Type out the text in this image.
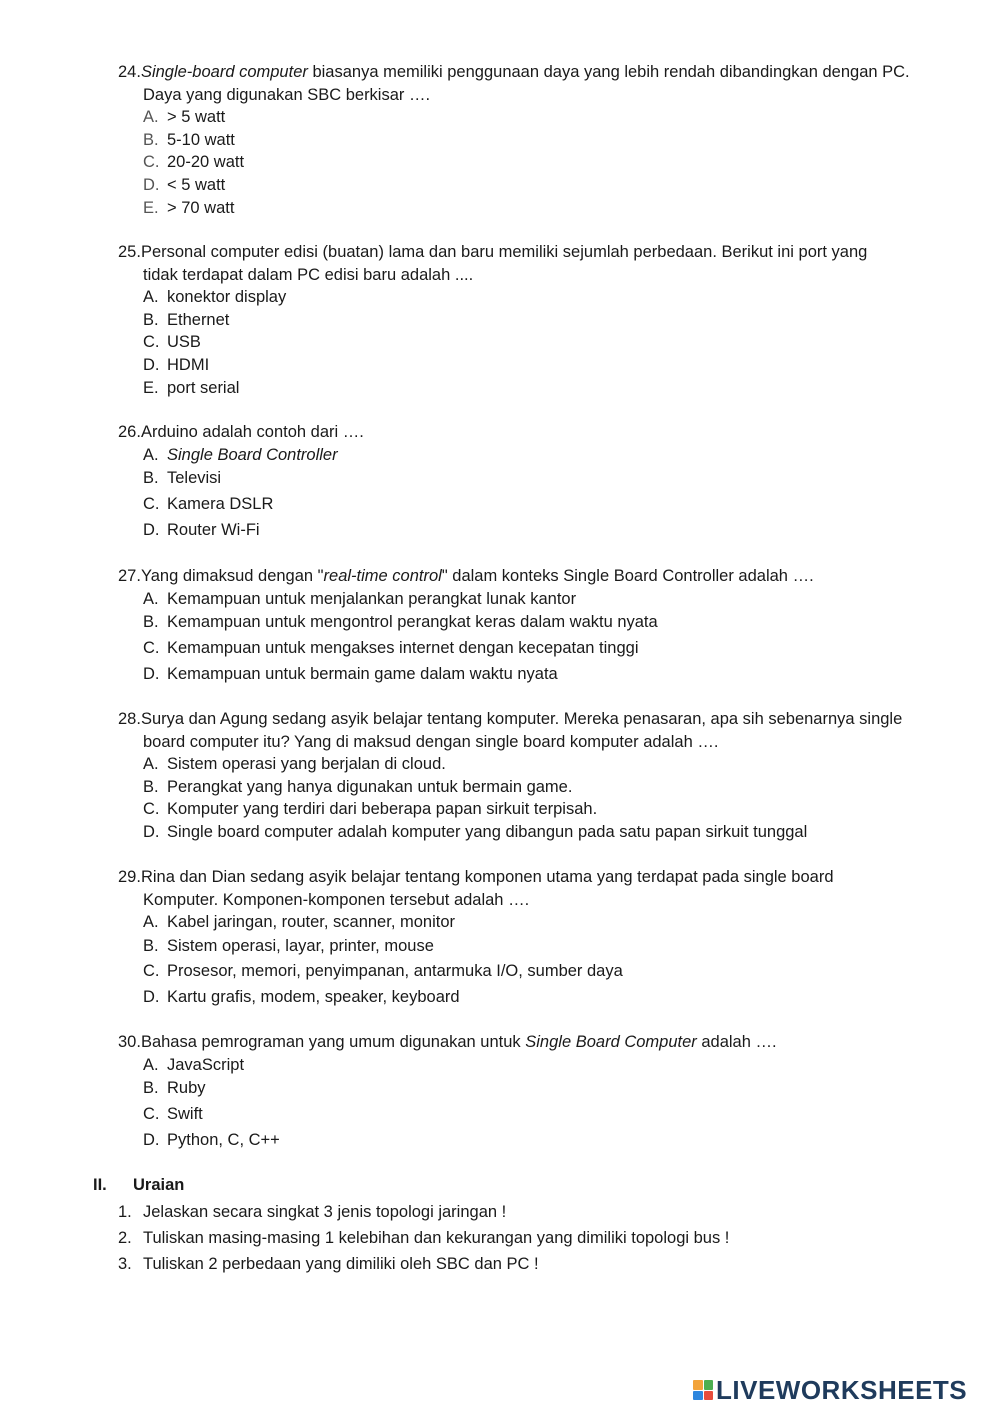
24.Single-board computer biasanya memiliki penggunaan daya yang lebih rendah dibandingkan dengan PC.
Daya yang digunakan SBC berkisar ….
A. > 5 watt
B. 5-10 watt
C. 20-20 watt
D. < 5 watt
E. > 70 watt
25.Personal computer edisi (buatan) lama dan baru memiliki sejumlah perbedaan. Berikut ini port yang
tidak terdapat dalam PC edisi baru adalah ....
A. konektor display
B. Ethernet
C. USB
D. HDMI
E. port serial
26.Arduino adalah contoh dari ….
A. Single Board Controller
B. Televisi
C. Kamera DSLR
D. Router Wi-Fi
27.Yang dimaksud dengan "real-time control" dalam konteks Single Board Controller adalah ….
A. Kemampuan untuk menjalankan perangkat lunak kantor
B. Kemampuan untuk mengontrol perangkat keras dalam waktu nyata
C. Kemampuan untuk mengakses internet dengan kecepatan tinggi
D. Kemampuan untuk bermain game dalam waktu nyata
28.Surya dan Agung sedang asyik belajar tentang komputer. Mereka penasaran, apa sih sebenarnya single
board computer itu? Yang di maksud dengan single board komputer adalah ….
A. Sistem operasi yang berjalan di cloud.
B. Perangkat yang hanya digunakan untuk bermain game.
C. Komputer yang terdiri dari beberapa papan sirkuit terpisah.
D. Single board computer adalah komputer yang dibangun pada satu papan sirkuit tunggal
29.Rina dan Dian sedang asyik belajar tentang komponen utama yang terdapat pada single board
Komputer. Komponen-komponen tersebut adalah ….
A. Kabel jaringan, router, scanner, monitor
B. Sistem operasi, layar, printer, mouse
C. Prosesor, memori, penyimpanan, antarmuka I/O, sumber daya
D. Kartu grafis, modem, speaker, keyboard
30.Bahasa pemrograman yang umum digunakan untuk Single Board Computer adalah ….
A. JavaScript
B. Ruby
C. Swift
D. Python, C, C++
II. Uraian
1. Jelaskan secara singkat 3 jenis topologi jaringan !
2. Tuliskan masing-masing 1 kelebihan dan kekurangan yang dimiliki topologi bus !
3. Tuliskan 2 perbedaan yang dimiliki oleh SBC dan PC !
LIVEWORKSHEETS
